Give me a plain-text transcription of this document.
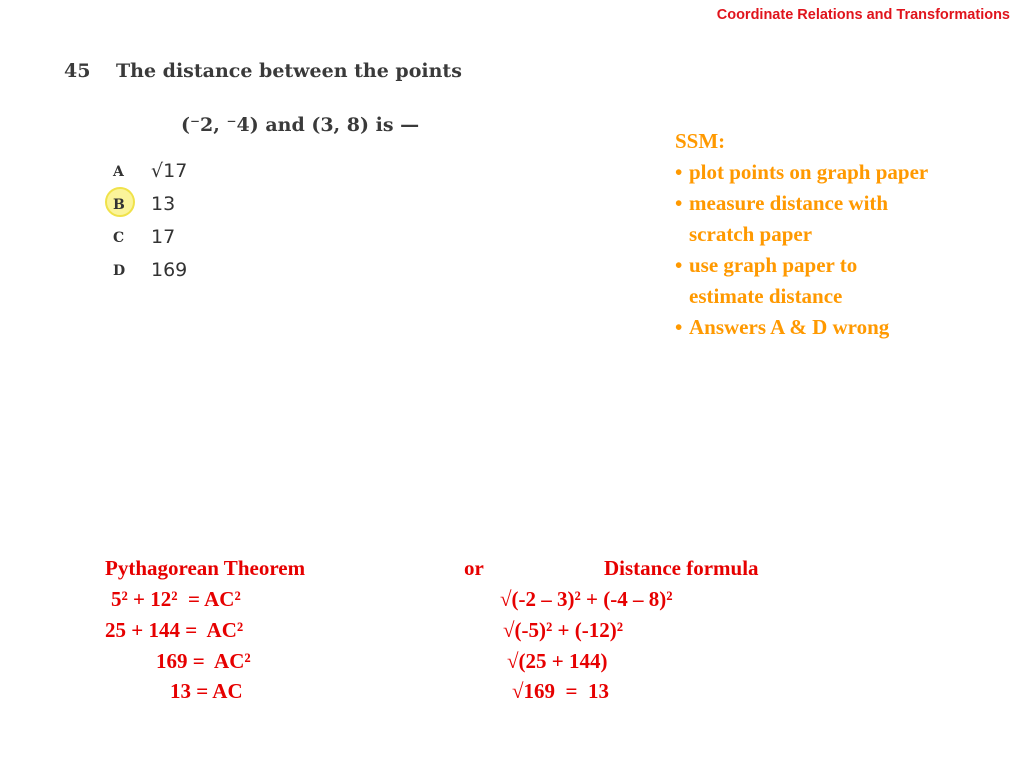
Coordinate Relations and Transformations
45 The distance between the points
(⁻2, ⁻4) and (3, 8) is —
A √17
B 13
C 17
D 169
SSM:
• plot points on graph paper
• measure distance with
scratch paper
• use graph paper to
estimate distance
• Answers A & D wrong
Pythagorean Theorem	or	Distance formula
5² + 12²  = AC²
25 + 144 =  AC²
169 =  AC²
13 = AC
√(-2 – 3)² + (-4 – 8)²
√(-5)² + (-12)²
√(25 + 144)
√169  =  13
